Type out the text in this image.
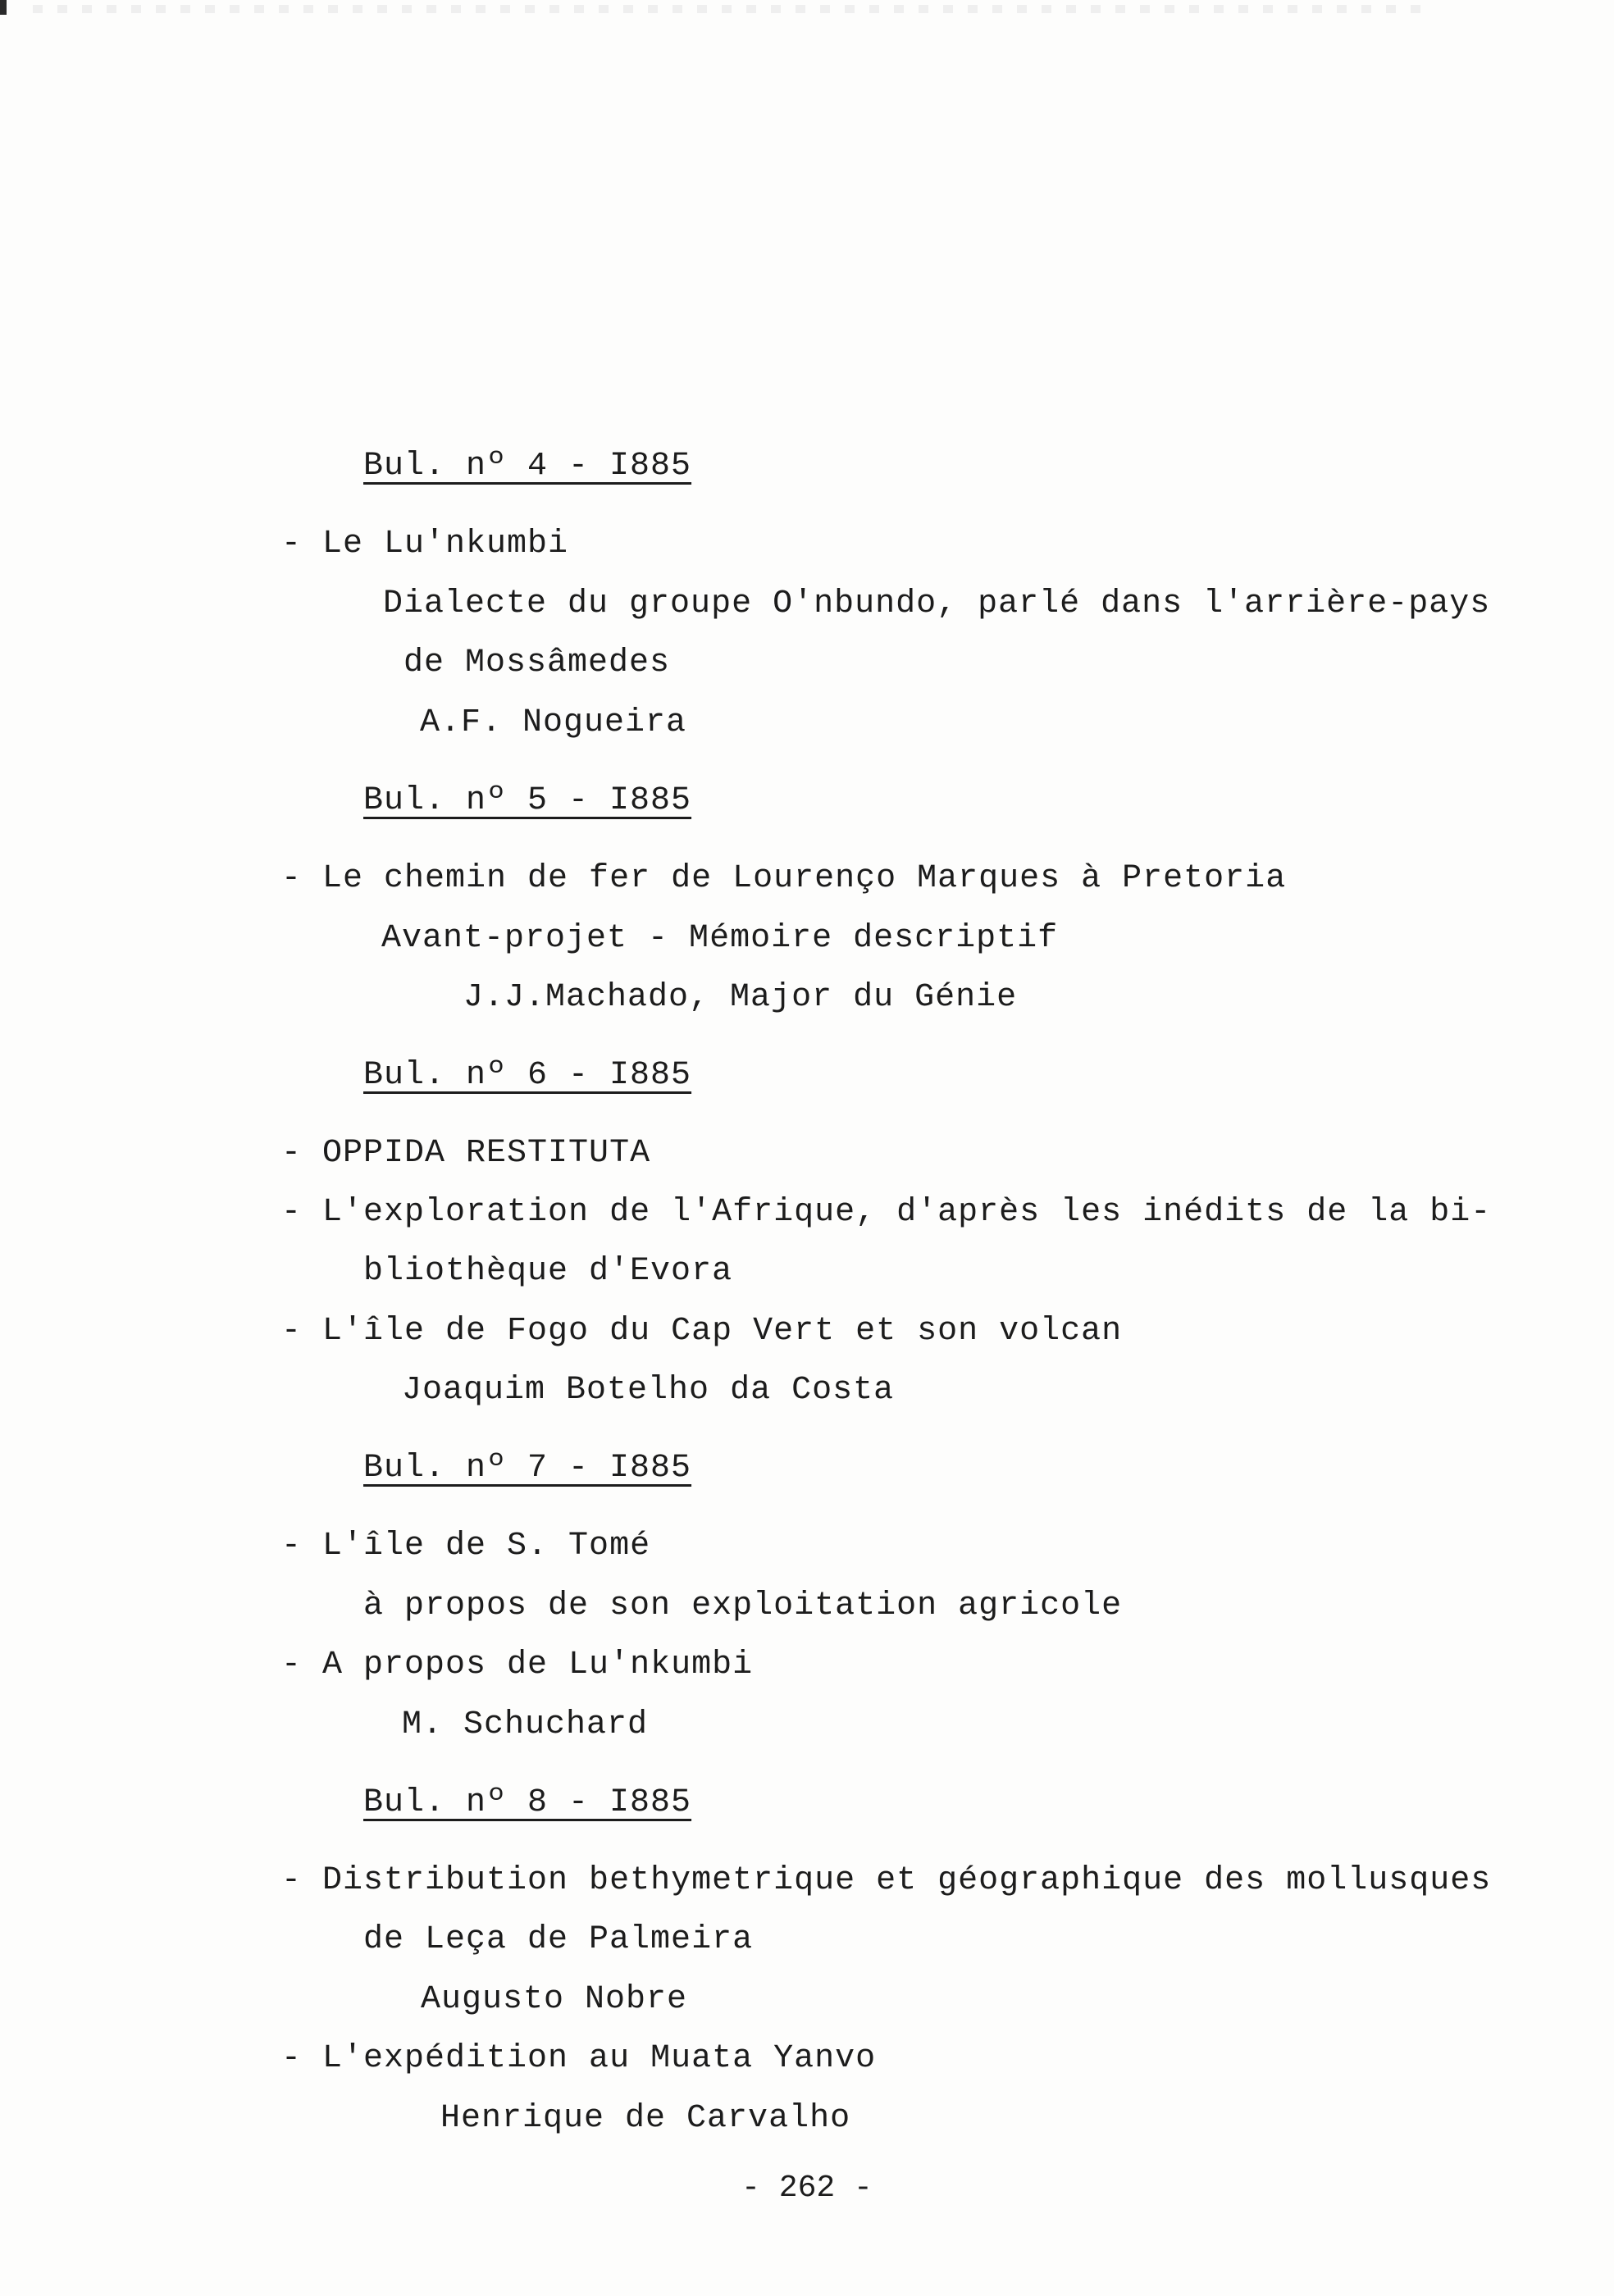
Bul. nº 4 - I885
- Le Lu'nkumbi
Dialecte du groupe O'nbundo, parlé dans l'arrière-pays
de Mossâmedes
A.F. Nogueira
Bul. nº 5 - I885
- Le chemin de fer de Lourenço Marques à Pretoria
Avant-projet - Mémoire descriptif
J.J.Machado, Major du Génie
Bul. nº 6 - I885
- OPPIDA RESTITUTA
- L'exploration de l'Afrique, d'après les inédits de la bi-
bliothèque d'Evora
- L'île de Fogo du Cap Vert et son volcan
Joaquim Botelho da Costa
Bul. nº 7 - I885
- L'île de S. Tomé
à propos de son exploitation agricole
- A propos de Lu'nkumbi
M. Schuchard
Bul. nº 8 - I885
- Distribution bethymetrique et géographique des mollusques
de Leça de Palmeira
Augusto Nobre
- L'expédition au Muata Yanvo
Henrique de Carvalho
- 262 -
